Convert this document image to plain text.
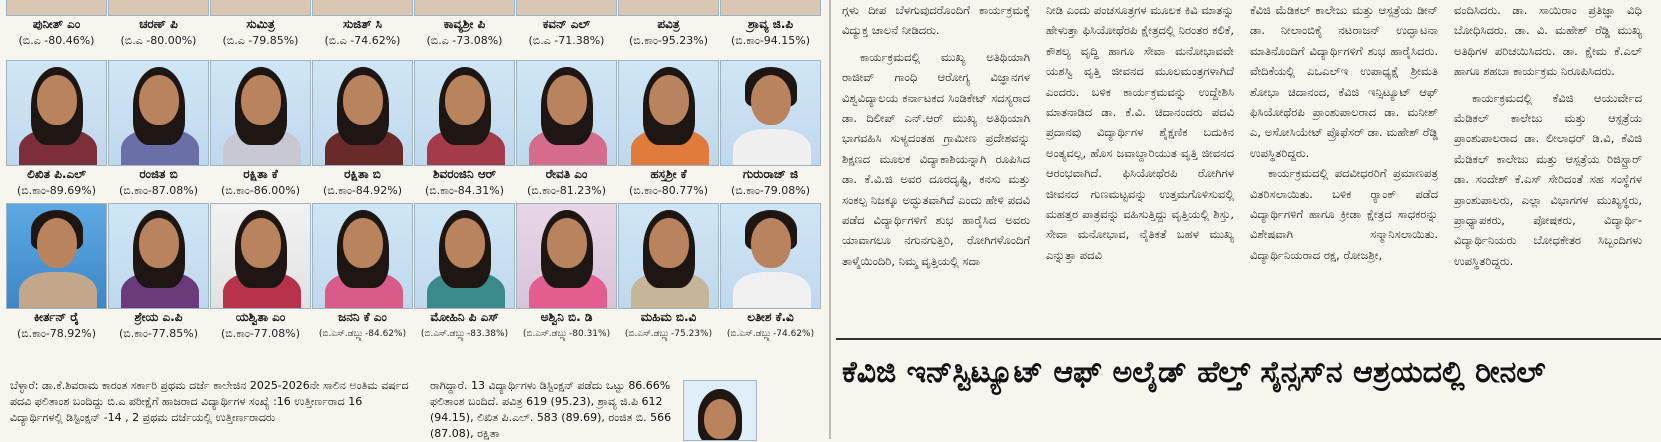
ಪುನೀತ್ ಎಂ
(ಬಿ.ಎ -80.46%)
ಚರಣ್ ಪಿ
(ಬಿ.ಎ -80.00%)
ಸುಮಿತ್ರ
(ಬಿ.ಎ -79.85%)
ಸುಜಿತ್ ಸಿ
(ಬಿ.ಎ -74.62%)
ಕಾವ್ಯಶ್ರೀ ಪಿ
(ಬಿ.ಎ -73.08%)
ಕವನ್ ಎಲ್
(ಬಿ.ಎ -71.38%)
ಪವಿತ್ರ
(ಬಿ.ಕಾಂ-95.23%)
ಶ್ರಾವ್ಯ ಜಿ.ಪಿ
(ಬಿ.ಕಾಂ-94.15%)
ಲಿಖಿತ ಪಿ.ಎಲ್
(ಬಿ.ಕಾಂ-89.69%)
ರಂಜಿತ ಬಿ
(ಬಿ.ಕಾಂ-87.08%)
ರಕ್ಷಿತಾ ಕೆ
(ಬಿ.ಕಾಂ-86.00%)
ರಕ್ಷಿತಾ ಬಿ
(ಬಿ.ಕಾಂ-84.92%)
ಶಿವರಂಜಿನಿ ಆರ್
(ಬಿ.ಕಾಂ-84.31%)
ರೇವತಿ ಎಂ
(ಬಿ.ಕಾಂ-81.23%)
ಹಸ್ತಶ್ರೀ ಕೆ
(ಬಿ.ಕಾಂ-80.77%)
ಗುರುರಾಜ್ ಜಿ
(ಬಿ.ಕಾಂ-79.08%)
ಕೀರ್ತನ್ ರೈ
(ಬಿ.ಕಾಂ-78.92%)
ಶ್ರೇಯ ಎ.ಪಿ
(ಬಿ.ಕಾಂ-77.85%)
ಯಶ್ವಿತಾ ಎಂ
(ಬಿ.ಕಾಂ-77.08%)
ಜನನಿ ಕೆ ಎಂ
(ಬಿ.ಎಸ್.ಡಬ್ಲ್ಯು-84.62%)
ಮೋಹಿನಿ ಪಿ ಎಸ್
(ಬಿ.ಎಸ್.ಡಬ್ಲ್ಯು-83.38%)
ಅಶ್ವಿನಿ ಬಿ. ಡಿ
(ಬಿ.ಎಸ್.ಡಬ್ಲ್ಯು-80.31%)
ಮಹಿಮ ಬಿ.ವಿ
(ಬಿ.ಎಸ್.ಡಬ್ಲ್ಯು-75.23%)
ಲತೀಶ ಕೆ.ವಿ
(ಬಿ.ಎಸ್.ಡಬ್ಲ್ಯು-74.62%)
ಬೆಳ್ಳಾರೆ: ಡಾ.ಕೆ.ಶಿವರಾಮ ಕಾರಂತ ಸರ್ಕಾರಿ ಪ್ರಥಮ ದರ್ಜೆ ಕಾಲೇಜಿನ 2025-2026ನೇ ಸಾಲಿನ ಅಂತಿಮ ವರ್ಷದ ಪದವಿ ಫಲಿತಾಂಶ ಬಂದಿದ್ದು ಬಿ.ಎ ಪರೀಕ್ಷೆಗೆ ಹಾಜರಾದ ವಿದ್ಯಾರ್ಥಿಗಳ ಸಂಖ್ಯೆ :16 ಉತ್ತೀರ್ಣರಾದ 16 ವಿದ್ಯಾರ್ಥಿಗಳಲ್ಲಿ ಡಿಸ್ಟಿಂಕ್ಷನ್ -14 , 2 ಪ್ರಥಮ ದರ್ಜೆಯಲ್ಲಿ ಉತ್ತೀರ್ಣರಾದರು
ರಾಗಿದ್ದಾರೆ. 13 ವಿದ್ಯಾರ್ಥಿಗಳು ಡಿಸ್ಟಿಂಕ್ಷನ್ ಪಡೆದು ಒಟ್ಟು 86.66% ಫಲಿತಾಂಶ ಬಂದಿದೆ. ಪವಿತ್ರ 619 (95.23), ಶ್ರಾವ್ಯ ಜಿ.ಪಿ 612 (94.15), ಲಿಖಿತ ಪಿ.ಎಲ್. 583 (89.69), ರಂಜಿತ ಬಿ. 566 (87.08), ರಕ್ಷಿತಾ

ಗ್ಗಳು ದೀಪ ಬೆಳಗುವುದರೊಂದಿಗೆ ಕಾರ್ಯಕ್ರಮಕ್ಕೆ ವಿದ್ಯುಕ್ತ ಚಾಲನೆ ನೀಡಿದರು.

ಕಾರ್ಯಕ್ರಮದಲ್ಲಿ ಮುಖ್ಯ ಅತಿಥಿಯಾಗಿ ರಾಜೀವ್ ಗಾಂಧಿ ಆರೋಗ್ಯ ವಿಜ್ಞಾನಗಳ ವಿಶ್ವವಿದ್ಯಾಲಯ ಕರ್ನಾಟಕದ ಸಿಂಡಿಕೇಟ್ ಸದಸ್ಯರಾದ ಡಾ. ದಿಲೀಪ್ ಎನ್.ಆರ್ ಮುಖ್ಯ ಅತಿಥಿಯಾಗಿ ಭಾಗವಹಿಸಿ ಸುಳ್ಯದಂತಹ ಗ್ರಾಮೀಣ ಪ್ರದೇಶವನ್ನು ಶಿಕ್ಷಣದ ಮೂಲಕ ವಿದ್ಯಾಕಾಶಿಯನ್ನಾಗಿ ರೂಪಿಸಿದ ಡಾ. ಕೆ.ವಿ.ಜಿ ಅವರ ದೂರದೃಷ್ಟಿ, ಕನಸು ಮತ್ತು ಸಂಕಲ್ಪ ನಿಜಕ್ಕೂ ಅದ್ಭುತವಾಗಿದೆ ಎಂದು ಹೇಳಿ ಪದವಿ ಪಡೆದ ವಿದ್ಯಾರ್ಥಿಗಳಿಗೆ ಶುಭ ಹಾರೈಸಿದ ಅವರು ಯಾವಾಗಲೂ ನಗುನಗುತ್ತಿರಿ, ರೋಗಿಗಳೊಂದಿಗೆ ತಾಳ್ಮೆಯಿಂದಿರಿ, ನಿಮ್ಮ ವೃತ್ತಿಯಲ್ಲಿ ಸದಾ

ನೀಡಿ ಎಂದು ಪಂಚಸೂತ್ರಗಳ ಮೂಲಕ ಕಿವಿ ಮಾತನ್ನು ಹೇಳುತ್ತಾ ಫಿಸಿಯೋಥೆರಪಿ ಕ್ಷೇತ್ರದಲ್ಲಿ ನಿರಂತರ ಕಲಿಕೆ, ಕೌಶಲ್ಯ ವೃದ್ಧಿ ಹಾಗೂ ಸೇವಾ ಮನೋಭಾವವೇ ಯಶಸ್ವಿ ವೃತ್ತಿ ಜೀವನದ ಮೂಲಮಂತ್ರಗಳಾಗಿದೆ ಎಂದರು. ಬಳಿಕ ಕಾರ್ಯಕ್ರಮವನ್ನು ಉದ್ದೇಶಿಸಿ ಮಾತನಾಡಿದ ಡಾ. ಕೆ.ವಿ. ಚಿದಾನಂದರು ಪದವಿ ಪ್ರದಾನವು ವಿದ್ಯಾರ್ಥಿಗಳ ಶೈಕ್ಷಣಿಕ ಬದುಕಿನ ಅಂತ್ಯವಲ್ಲ, ಹೊಸ ಜವಾಬ್ದಾರಿಯುತ ವೃತ್ತಿ ಜೀವನದ ಆರಂಭವಾಗಿದೆ. ಫಿಸಿಯೋಥೆರಪಿ ರೋಗಿಗಳ ಜೀವನದ ಗುಣಮಟ್ಟವನ್ನು ಉತ್ತಮಗೊಳಿಸುವಲ್ಲಿ ಮಹತ್ತರ ಪಾತ್ರವನ್ನು ವಹಿಸುತ್ತಿದ್ದು ವೃತ್ತಿಯಲ್ಲಿ ಶಿಸ್ತು, ಸೇವಾ ಮನೋಭಾವ, ನೈತಿಕತೆ ಬಹಳ ಮುಖ್ಯ ಎನ್ನುತ್ತಾ ಪದವಿ

ಕೆವಿಜಿ ಮೆಡಿಕಲ್ ಕಾಲೇಜು ಮತ್ತು ಆಸ್ಪತ್ರೆಯ ಡೀನ್ ಡಾ. ನೀಲಾಂಬಿಕೈ ನಟರಾಜನ್ ಉದ್ಘಾಟನಾ ಮಾತಿನೊಂದಿಗೆ ವಿದ್ಯಾರ್ಥಿಗಳಿಗೆ ಶುಭ ಹಾರೈಸಿದರು. ವೇದಿಕೆಯಲ್ಲಿ ಎಒಎಲ್‌ಇ ಉಪಾಧ್ಯಕ್ಷೆ ಶ್ರೀಮತಿ ಶೋಭಾ ಚಿದಾನಂದ, ಕೆವಿಜಿ ಇನ್ಸಿಟ್ಯೂಟ್ ಆಫ್ ಫಿಸಿಯೋಥೆರಪಿ ಪ್ರಾಂಶುಪಾಲರಾದ ಡಾ. ಮನೀಶ್ ಎ, ಅಸೋಸಿಯೇಟ್ ಪ್ರೊಫೆಸರ್ ಡಾ. ಮಹೇಶ್ ರೆಡ್ಡಿ ಉಪಸ್ಥಿತರಿದ್ದರು.

ಕಾರ್ಯಕ್ರಮದಲ್ಲಿ ಪದವೀಧರರಿಗೆ ಪ್ರಮಾಣಪತ್ರ ವಿತರಿಸಲಾಯಿತು. ಬಳಿಕ ರ್‍ಯಾಂಕ್ ಪಡೆದ ವಿದ್ಯಾರ್ಥಿಗಳಿಗೆ ಹಾಗೂ ಕ್ರೀಡಾ ಕ್ಷೇತ್ರದ ಸಾಧಕರನ್ನು ವಿಶೇಷವಾಗಿ ಸನ್ಮಾನಿಸಲಾಯಿತು. ವಿದ್ಯಾರ್ಥಿನಿಯರಾದ ರಕ್ಷ, ರೋಜಶ್ರೀ,

ವಂದಿಸಿದರು. ಡಾ. ಸಾಯಿರಾಂ ಪ್ರತಿಜ್ಞಾ ವಿಧಿ ಬೋಧಿಸಿದರು. ಡಾ. ವಿ. ಮಹೇಶ್ ರೆಡ್ಡಿ ಮುಖ್ಯ ಅತಿಥಿಗಳ ಪರಿಚಯಿಸಿದರು. ಡಾ. ಕ್ಷೇಮ ಕೆ.ಎಲ್ ಹಾಗೂ ಶಹಬಾ ಕಾರ್ಯಕ್ರಮ ನಿರೂಪಿಸಿದರು.

ಕಾರ್ಯಕ್ರಮದಲ್ಲಿ ಕೆವಿಜಿ ಆಯುರ್ವೇದ ಮೆಡಿಕಲ್ ಕಾಲೇಜು ಮತ್ತು ಆಸ್ಪತ್ರೆಯ ಪ್ರಾಂಶುಪಾಲರಾದ ಡಾ. ಲೀಲಾಧರ್ ಡಿ.ವಿ, ಕೆವಿಜಿ ಮೆಡಿಕಲ್ ಕಾಲೇಜು ಮತ್ತು ಆಸ್ಪತ್ರೆಯ ರಿಜಿಸ್ಟ್ರಾರ್ ಡಾ. ಸಂದೇಶ್ ಕೆ.ಎಸ್ ಸೇರಿದಂತೆ ಸಹ ಸಂಸ್ಥೆಗಳ ಪ್ರಾಂಶುಪಾಲರು, ಎಲ್ಲಾ ವಿಭಾಗಗಳ ಮುಖ್ಯಸ್ಥರು, ಪ್ರಾಧ್ಯಾಪಕರು, ಪೋಷಕರು, ವಿದ್ಯಾರ್ಥಿ-ವಿದ್ಯಾರ್ಥಿನಿಯರು ಬೋಧಕೇತರ ಸಿಬ್ಬಂದಿಗಳು ಉಪಸ್ಥಿತರಿದ್ದರು.

ಕೆವಿಜಿ ಇನ್‌ಸ್ಟಿಟ್ಯೂಟ್ ಆಫ್ ಅಲೈಡ್ ಹೆಲ್ತ್ ಸೈನ್ಸಸ್‌ನ ಆಶ್ರಯದಲ್ಲಿ ರೀನಲ್
